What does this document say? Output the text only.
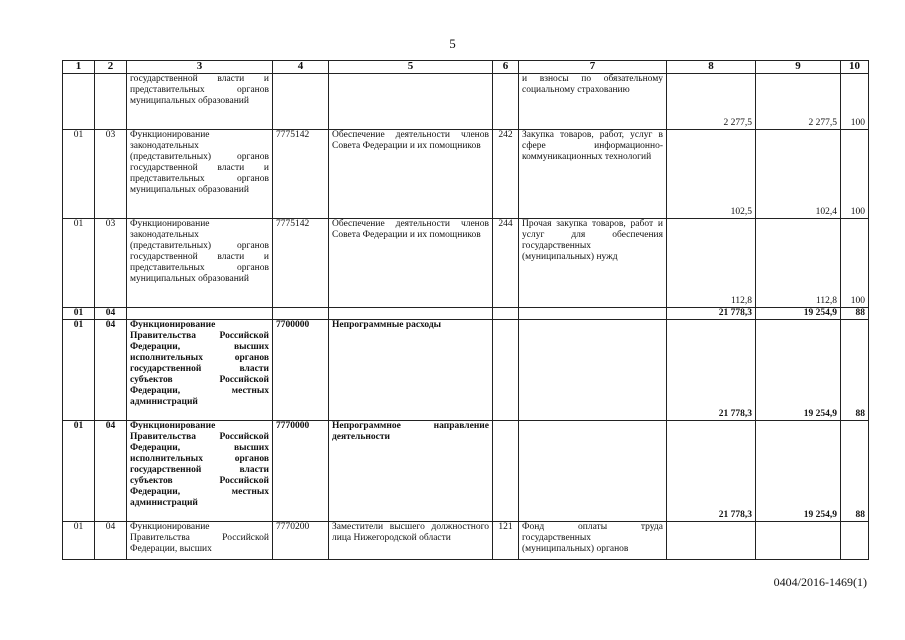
5
1	2	3	4	5	6	7	8	9	10
		государственной власти и представительных органов муниципальных образований				и взносы по обязательному социальному страхованию	2 277,5	2 277,5	100
01	03	Функционирование законодательных (представительных) органов государственной власти и представительных органов муниципальных образований	7775142	Обеспечение деятельности членов Совета Федерации и их помощников	242	Закупка товаров, работ, услуг в сфере информационно-коммуникационных технологий	102,5	102,4	100
01	03	Функционирование законодательных (представительных) органов государственной власти и представительных органов муниципальных образований	7775142	Обеспечение деятельности членов Совета Федерации и их помощников	244	Прочая закупка товаров, работ и услуг для обеспечения государственных (муниципальных) нужд	112,8	112,8	100
01	04						21 778,3	19 254,9	88
01	04	Функционирование Правительства Российской Федерации, высших исполнительных органов государственной власти субъектов Российской Федерации, местных администраций	7700000	Непрограммные расходы			21 778,3	19 254,9	88
01	04	Функционирование Правительства Российской Федерации, высших исполнительных органов государственной власти субъектов Российской Федерации, местных администраций	7770000	Непрограммное направление деятельности			21 778,3	19 254,9	88
01	04	Функционирование Правительства Российской Федерации, высших	7770200	Заместители высшего должностного лица Нижегородской области	121	Фонд оплаты труда государственных (муниципальных) органов			
0404/2016-1469(1)
